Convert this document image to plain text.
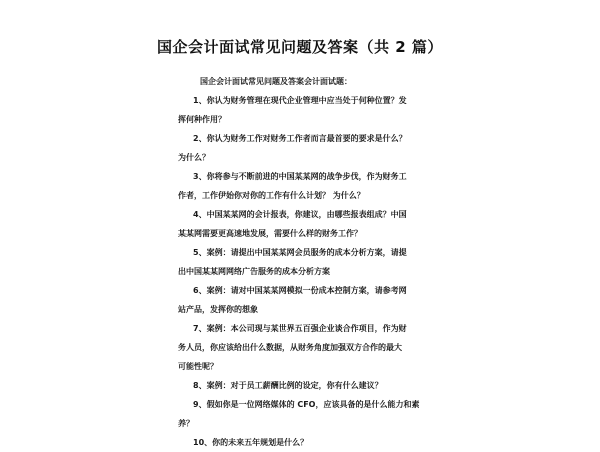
国企会计面试常见问题及答案（共 2 篇）
国企会计面试常见问题及答案会计面试题：
1、你认为财务管理在现代企业管理中应当处于何种位置？发
挥何种作用？
2、你认为财务工作对财务工作者而言最首要的要求是什么？
为什么？
3、你将参与不断前进的中国某某网的战争步伐，作为财务工
作者，工作伊始你对你的工作有什么计划？ 为什么？
4、中国某某网的会计报表，你建议，由哪些报表组成？中国
某某网需要更高速地发展，需要什么样的财务工作？
5、案例：请提出中国某某网会员服务的成本分析方案，请提
出中国某某网网络广告服务的成本分析方案
6、案例：请对中国某某网模拟一份成本控制方案，请参考网
站产品，发挥你的想象
7、案例：本公司现与某世界五百强企业谈合作项目，作为财
务人员，你应该给出什么数据，从财务角度加强双方合作的最大
可能性呢？
8、案例：对于员工薪酬比例的设定，你有什么建议？
9、假如你是一位网络媒体的 CFO，应该具备的是什么能力和素
养？
10、你的未来五年规划是什么？
